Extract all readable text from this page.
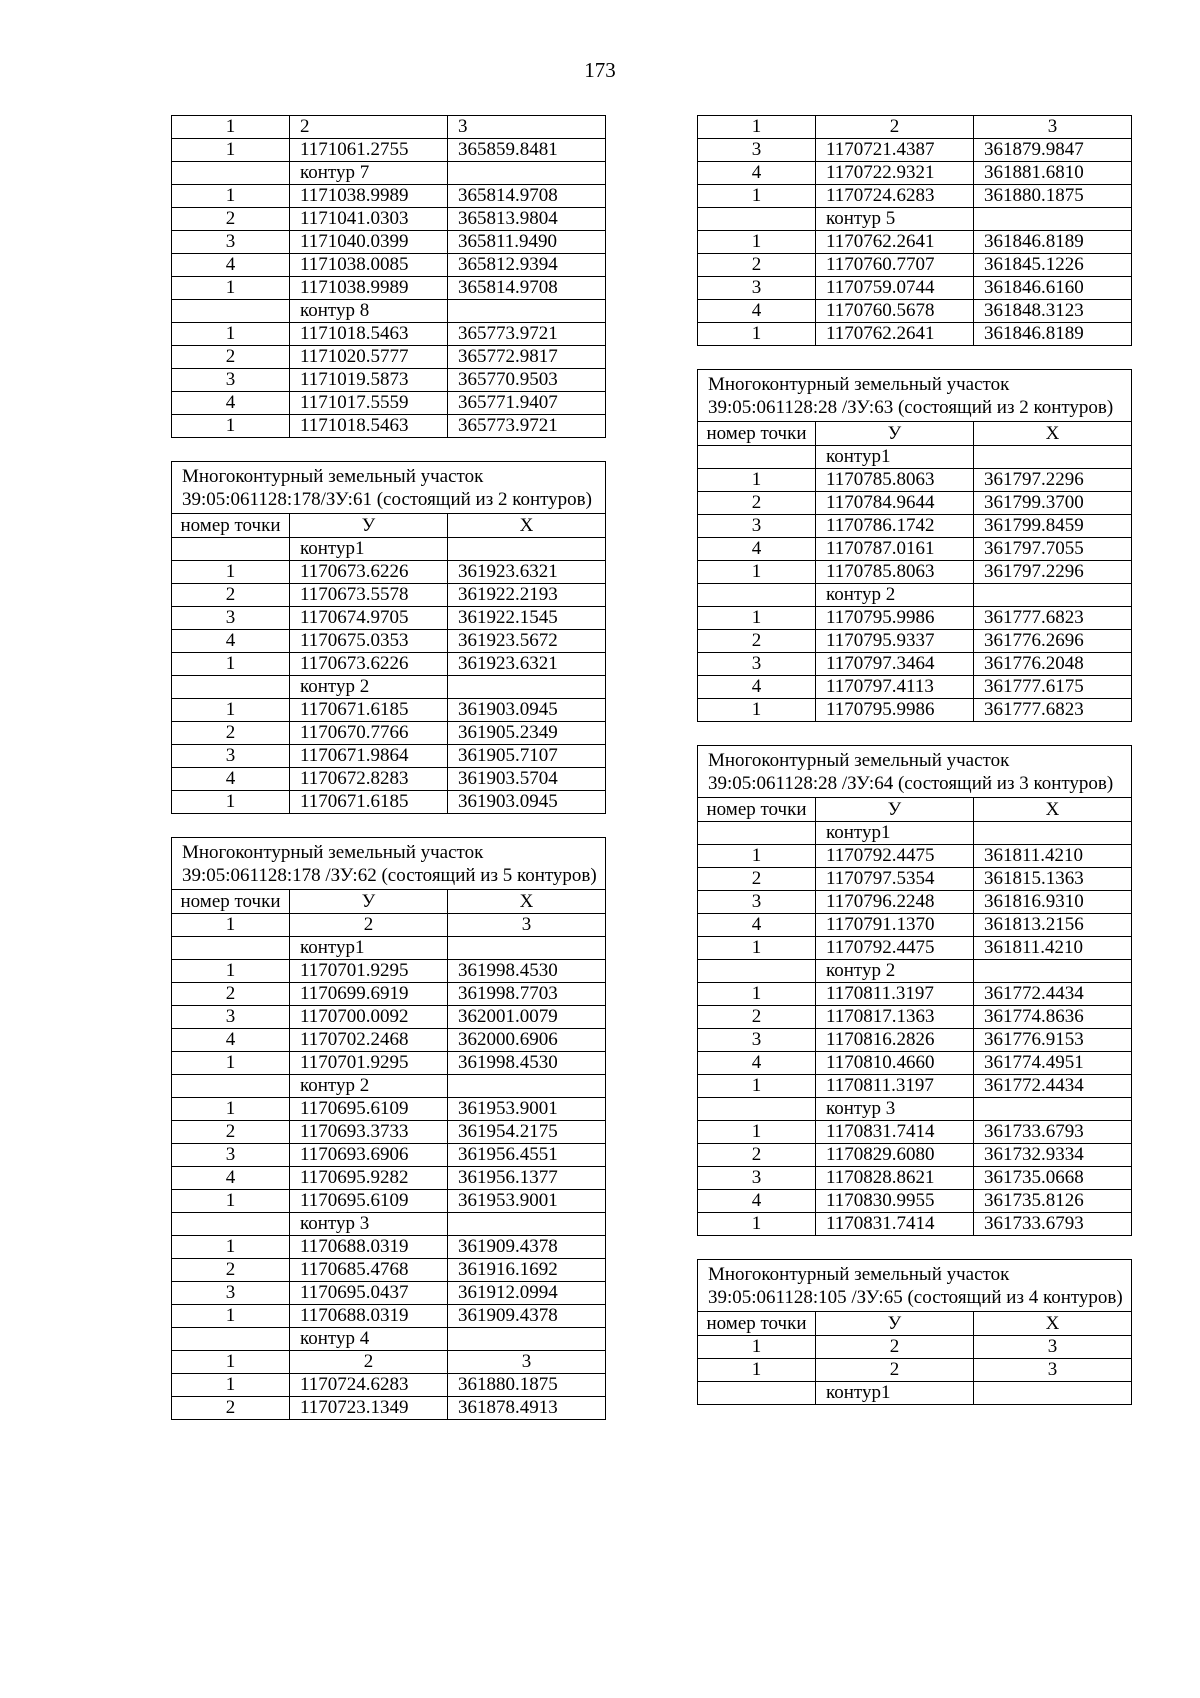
173
1	2	3
1	1171061.2755	365859.8481
	контур 7	
1	1171038.9989	365814.9708
2	1171041.0303	365813.9804
3	1171040.0399	365811.9490
4	1171038.0085	365812.9394
1	1171038.9989	365814.9708
	контур 8	
1	1171018.5463	365773.9721
2	1171020.5777	365772.9817
3	1171019.5873	365770.9503
4	1171017.5559	365771.9407
1	1171018.5463	365773.9721
Многоконтурный земельный участок 39:05:061128:178/ЗУ:61 (состоящий из 2 контуров)		
номер точки	У	Х
	контур1	
1	1170673.6226	361923.6321
2	1170673.5578	361922.2193
3	1170674.9705	361922.1545
4	1170675.0353	361923.5672
1	1170673.6226	361923.6321
	контур 2	
1	1170671.6185	361903.0945
2	1170670.7766	361905.2349
3	1170671.9864	361905.7107
4	1170672.8283	361903.5704
1	1170671.6185	361903.0945
Многоконтурный земельный участок 39:05:061128:178 /ЗУ:62 (состоящий из 5 контуров)		
номер точки	У	Х
1	2	3
	контур1	
1	1170701.9295	361998.4530
2	1170699.6919	361998.7703
3	1170700.0092	362001.0079
4	1170702.2468	362000.6906
1	1170701.9295	361998.4530
	контур 2	
1	1170695.6109	361953.9001
2	1170693.3733	361954.2175
3	1170693.6906	361956.4551
4	1170695.9282	361956.1377
1	1170695.6109	361953.9001
	контур 3	
1	1170688.0319	361909.4378
2	1170685.4768	361916.1692
3	1170695.0437	361912.0994
1	1170688.0319	361909.4378
	контур 4	
1	2	3
1	1170724.6283	361880.1875
2	1170723.1349	361878.4913
1	2	3
3	1170721.4387	361879.9847
4	1170722.9321	361881.6810
1	1170724.6283	361880.1875
	контур 5	
1	1170762.2641	361846.8189
2	1170760.7707	361845.1226
3	1170759.0744	361846.6160
4	1170760.5678	361848.3123
1	1170762.2641	361846.8189
Многоконтурный земельный участок 39:05:061128:28 /ЗУ:63 (состоящий из 2 контуров)		
номер точки	У	Х
	контур1	
1	1170785.8063	361797.2296
2	1170784.9644	361799.3700
3	1170786.1742	361799.8459
4	1170787.0161	361797.7055
1	1170785.8063	361797.2296
	контур 2	
1	1170795.9986	361777.6823
2	1170795.9337	361776.2696
3	1170797.3464	361776.2048
4	1170797.4113	361777.6175
1	1170795.9986	361777.6823
Многоконтурный земельный участок 39:05:061128:28 /ЗУ:64 (состоящий из 3 контуров)		
номер точки	У	Х
	контур1	
1	1170792.4475	361811.4210
2	1170797.5354	361815.1363
3	1170796.2248	361816.9310
4	1170791.1370	361813.2156
1	1170792.4475	361811.4210
	контур 2	
1	1170811.3197	361772.4434
2	1170817.1363	361774.8636
3	1170816.2826	361776.9153
4	1170810.4660	361774.4951
1	1170811.3197	361772.4434
	контур 3	
1	1170831.7414	361733.6793
2	1170829.6080	361732.9334
3	1170828.8621	361735.0668
4	1170830.9955	361735.8126
1	1170831.7414	361733.6793
Многоконтурный земельный участок 39:05:061128:105 /ЗУ:65 (состоящий из 4 контуров)		
номер точки	У	Х
1	2	3
1	2	3
	контур1	
